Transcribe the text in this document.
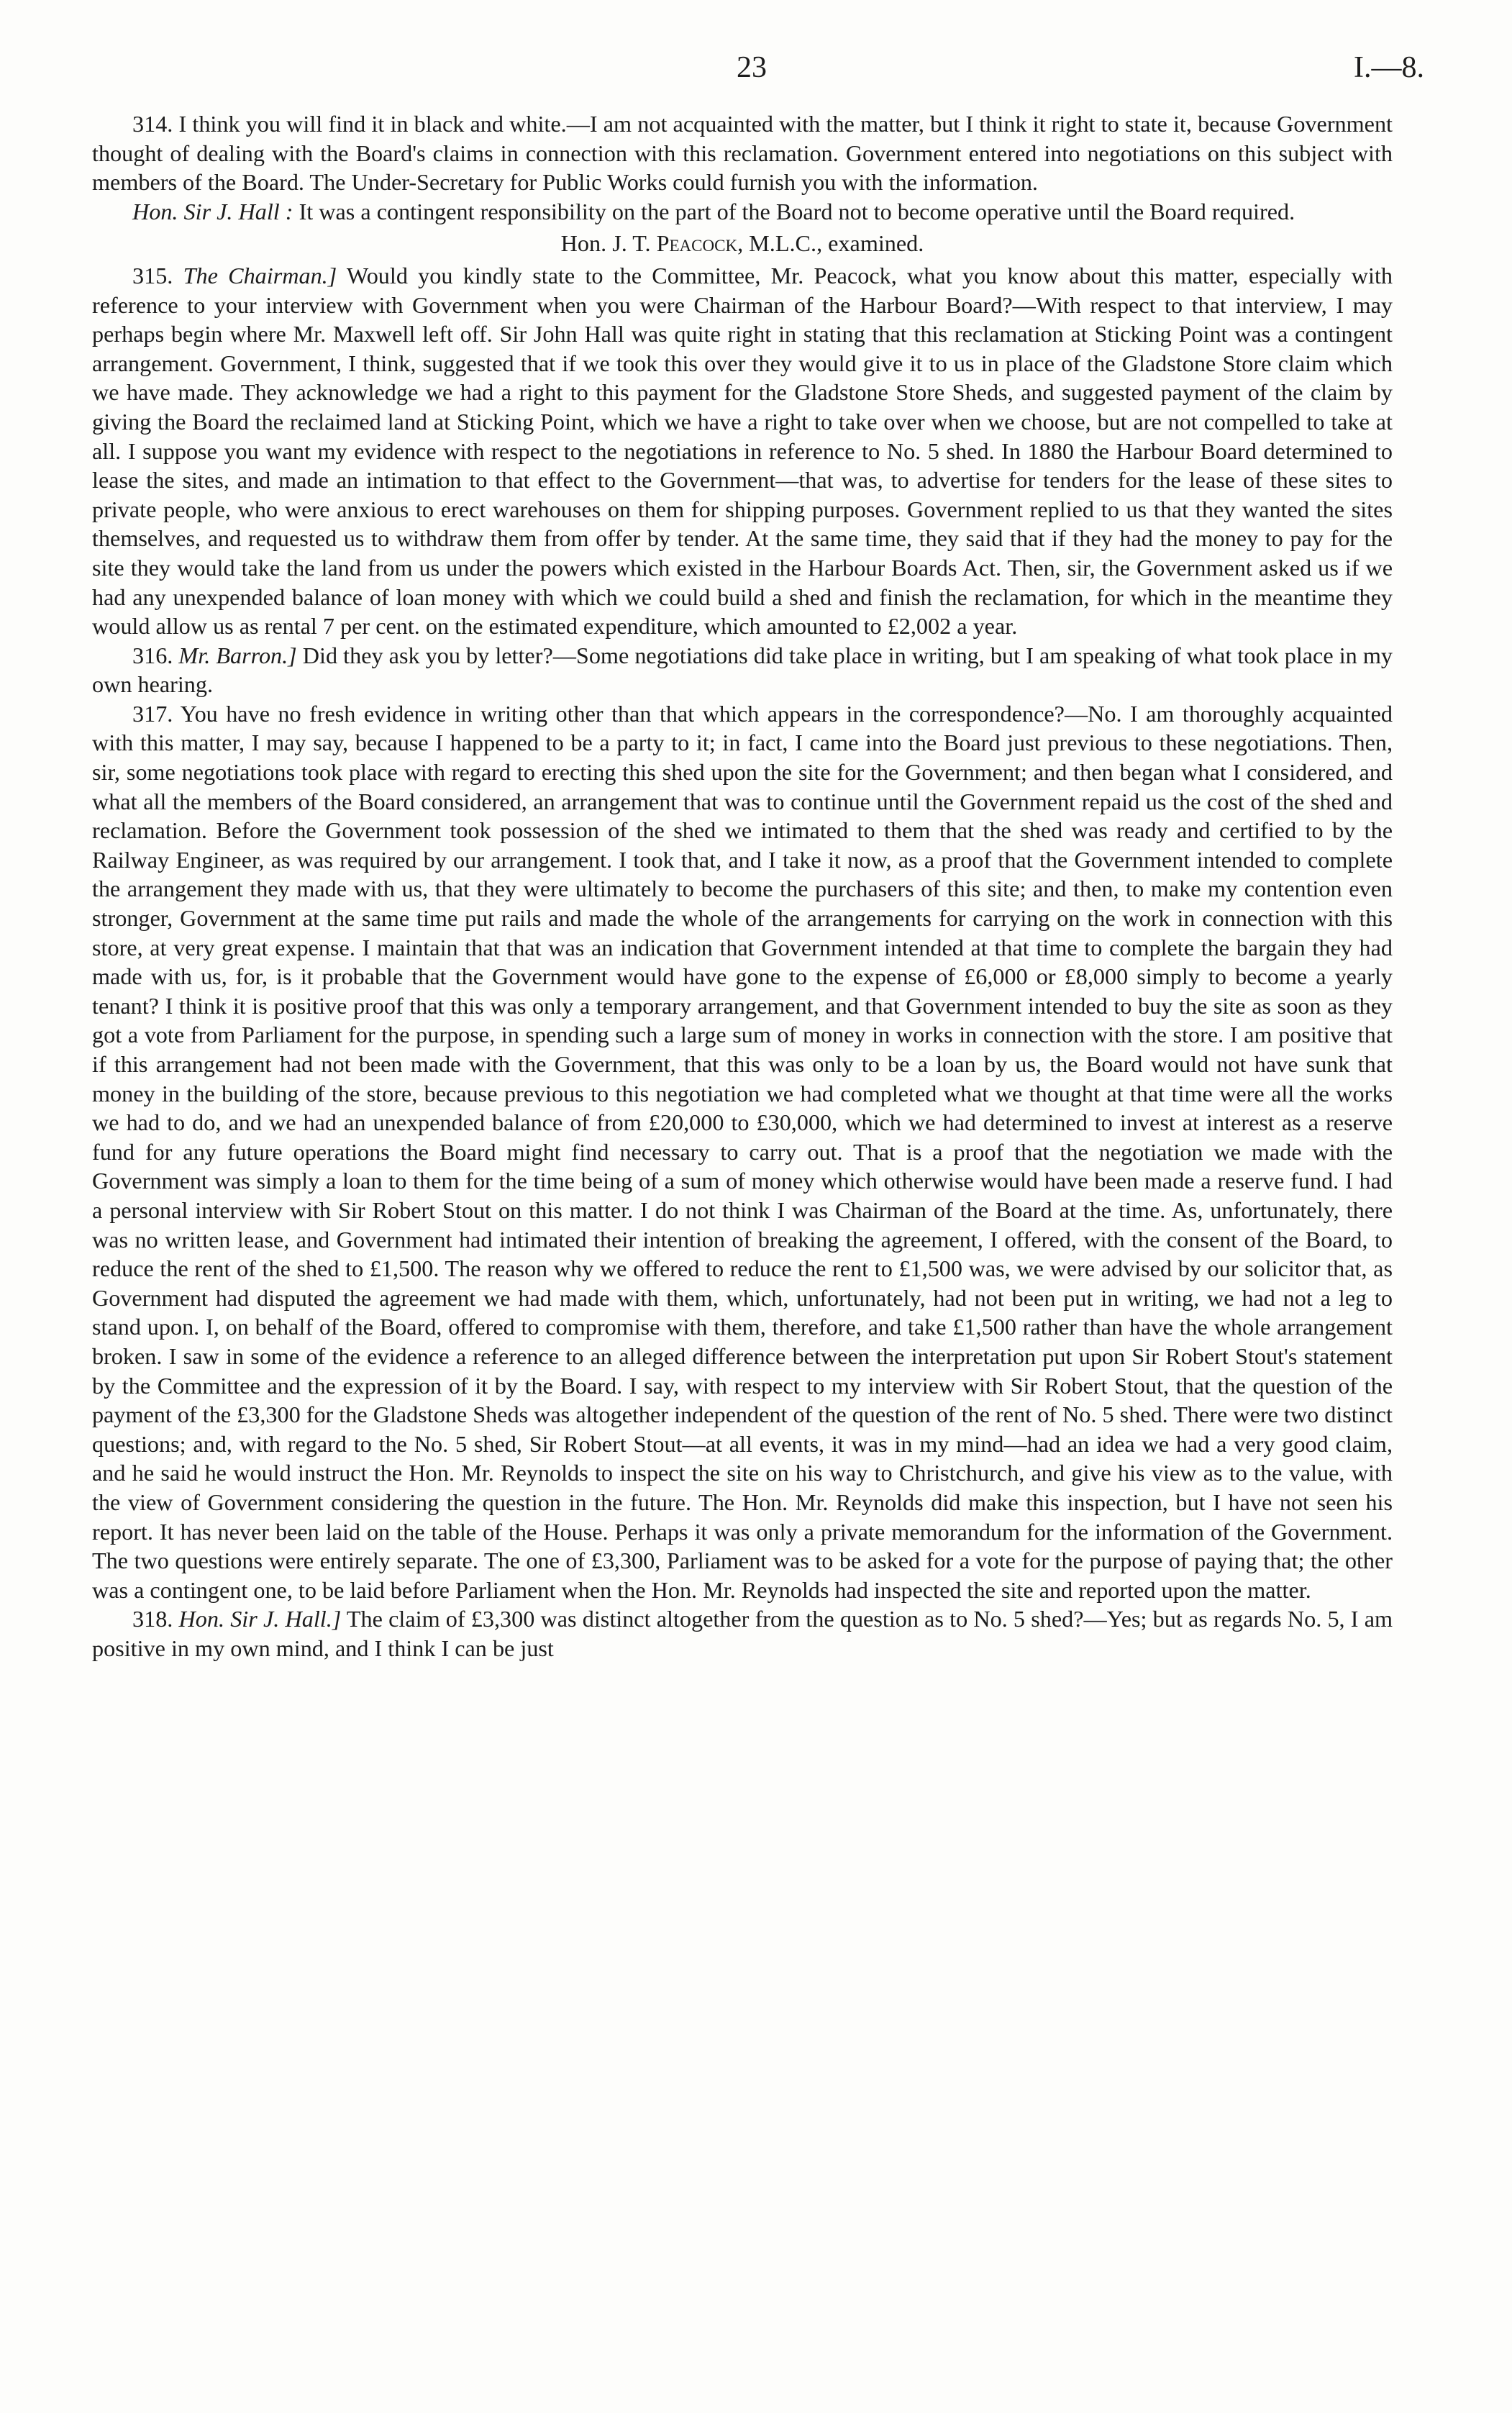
23	I.—8.

314. I think you will find it in black and white.—I am not acquainted with the matter, but I think it right to state it, because Government thought of dealing with the Board's claims in connection with this reclamation. Government entered into negotiations on this subject with members of the Board. The Under-Secretary for Public Works could furnish you with the information.

Hon. Sir J. Hall : It was a contingent responsibility on the part of the Board not to become operative until the Board required.

Hon. J. T. Peacock, M.L.C., examined.

315. The Chairman.] Would you kindly state to the Committee, Mr. Peacock, what you know about this matter, especially with reference to your interview with Government when you were Chairman of the Harbour Board?—With respect to that interview, I may perhaps begin where Mr. Maxwell left off. Sir John Hall was quite right in stating that this reclamation at Sticking Point was a contingent arrangement. Government, I think, suggested that if we took this over they would give it to us in place of the Gladstone Store claim which we have made. They acknowledge we had a right to this payment for the Gladstone Store Sheds, and suggested payment of the claim by giving the Board the reclaimed land at Sticking Point, which we have a right to take over when we choose, but are not compelled to take at all. I suppose you want my evidence with respect to the negotiations in reference to No. 5 shed. In 1880 the Harbour Board determined to lease the sites, and made an intimation to that effect to the Government—that was, to advertise for tenders for the lease of these sites to private people, who were anxious to erect warehouses on them for shipping purposes. Government replied to us that they wanted the sites themselves, and requested us to withdraw them from offer by tender. At the same time, they said that if they had the money to pay for the site they would take the land from us under the powers which existed in the Harbour Boards Act. Then, sir, the Government asked us if we had any unexpended balance of loan money with which we could build a shed and finish the reclamation, for which in the meantime they would allow us as rental 7 per cent. on the estimated expenditure, which amounted to £2,002 a year.

316. Mr. Barron.] Did they ask you by letter?—Some negotiations did take place in writing, but I am speaking of what took place in my own hearing.

317. You have no fresh evidence in writing other than that which appears in the correspondence?—No. I am thoroughly acquainted with this matter, I may say, because I happened to be a party to it; in fact, I came into the Board just previous to these negotiations. Then, sir, some negotiations took place with regard to erecting this shed upon the site for the Government; and then began what I considered, and what all the members of the Board considered, an arrangement that was to continue until the Government repaid us the cost of the shed and reclamation. Before the Government took possession of the shed we intimated to them that the shed was ready and certified to by the Railway Engineer, as was required by our arrangement. I took that, and I take it now, as a proof that the Government intended to complete the arrangement they made with us, that they were ultimately to become the purchasers of this site; and then, to make my contention even stronger, Government at the same time put rails and made the whole of the arrangements for carrying on the work in connection with this store, at very great expense. I maintain that that was an indication that Government intended at that time to complete the bargain they had made with us, for, is it probable that the Government would have gone to the expense of £6,000 or £8,000 simply to become a yearly tenant? I think it is positive proof that this was only a temporary arrangement, and that Government intended to buy the site as soon as they got a vote from Parliament for the purpose, in spending such a large sum of money in works in connection with the store. I am positive that if this arrangement had not been made with the Government, that this was only to be a loan by us, the Board would not have sunk that money in the building of the store, because previous to this negotiation we had completed what we thought at that time were all the works we had to do, and we had an unexpended balance of from £20,000 to £30,000, which we had determined to invest at interest as a reserve fund for any future operations the Board might find necessary to carry out. That is a proof that the negotiation we made with the Government was simply a loan to them for the time being of a sum of money which otherwise would have been made a reserve fund. I had a personal interview with Sir Robert Stout on this matter. I do not think I was Chairman of the Board at the time. As, unfortunately, there was no written lease, and Government had intimated their intention of breaking the agreement, I offered, with the consent of the Board, to reduce the rent of the shed to £1,500. The reason why we offered to reduce the rent to £1,500 was, we were advised by our solicitor that, as Government had disputed the agreement we had made with them, which, unfortunately, had not been put in writing, we had not a leg to stand upon. I, on behalf of the Board, offered to compromise with them, therefore, and take £1,500 rather than have the whole arrangement broken. I saw in some of the evidence a reference to an alleged difference between the interpretation put upon Sir Robert Stout's statement by the Committee and the expression of it by the Board. I say, with respect to my interview with Sir Robert Stout, that the question of the payment of the £3,300 for the Gladstone Sheds was altogether independent of the question of the rent of No. 5 shed. There were two distinct questions; and, with regard to the No. 5 shed, Sir Robert Stout—at all events, it was in my mind—had an idea we had a very good claim, and he said he would instruct the Hon. Mr. Reynolds to inspect the site on his way to Christchurch, and give his view as to the value, with the view of Government considering the question in the future. The Hon. Mr. Reynolds did make this inspection, but I have not seen his report. It has never been laid on the table of the House. Perhaps it was only a private memorandum for the information of the Government. The two questions were entirely separate. The one of £3,300, Parliament was to be asked for a vote for the purpose of paying that; the other was a contingent one, to be laid before Parliament when the Hon. Mr. Reynolds had inspected the site and reported upon the matter.

318. Hon. Sir J. Hall.] The claim of £3,300 was distinct altogether from the question as to No. 5 shed?—Yes; but as regards No. 5, I am positive in my own mind, and I think I can be just
